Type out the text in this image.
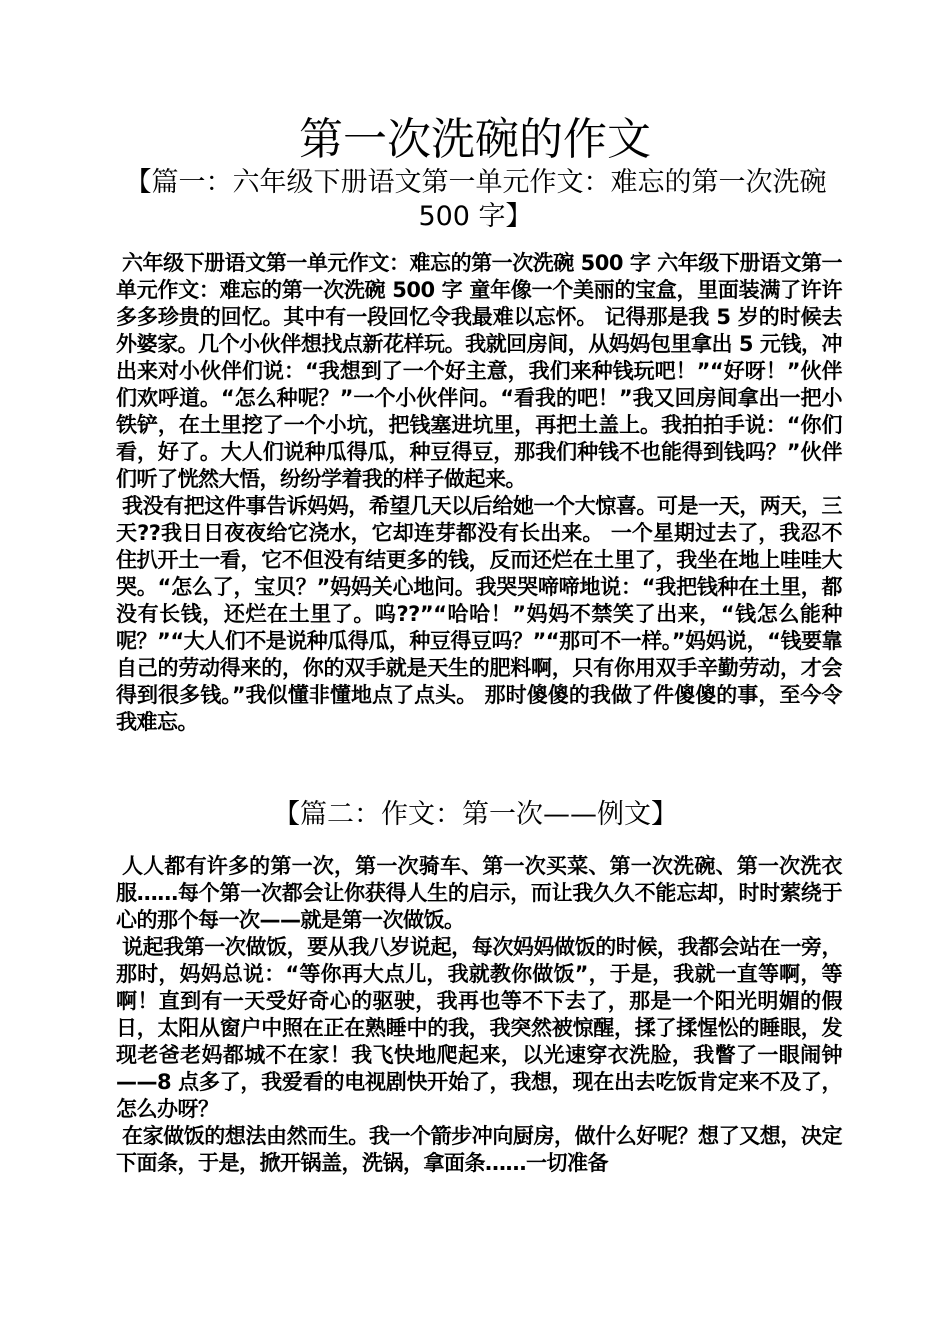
第一次洗碗的作文
【篇一：六年级下册语文第一单元作文：难忘的第一次洗碗 500 字】

六年级下册语文第一单元作文：难忘的第一次洗碗 500 字 六年级下册语文第一单元作文：难忘的第一次洗碗 500 字 童年像一个美丽的宝盒，里面装满了许许多多珍贵的回忆。其中有一段回忆令我最难以忘怀。 记得那是我 5 岁的时候去外婆家。几个小伙伴想找点新花样玩。我就回房间，从妈妈包里拿出 5 元钱，冲出来对小伙伴们说：“我想到了一个好主意，我们来种钱玩吧！”“好呀！”伙伴们欢呼道。“怎么种呢？”一个小伙伴问。“看我的吧！”我又回房间拿出一把小铁铲，在土里挖了一个小坑，把钱塞进坑里，再把土盖上。我拍拍手说：“你们看，好了。大人们说种瓜得瓜，种豆得豆，那我们种钱不也能得到钱吗？”伙伴们听了恍然大悟，纷纷学着我的样子做起来。

我没有把这件事告诉妈妈，希望几天以后给她一个大惊喜。可是一天，两天，三天??我日日夜夜给它浇水，它却连芽都没有长出来。 一个星期过去了，我忍不住扒开土一看，它不但没有结更多的钱，反而还烂在土里了，我坐在地上哇哇大哭。“怎么了，宝贝？”妈妈关心地问。我哭哭啼啼地说：“我把钱种在土里，都没有长钱，还烂在土里了。呜??”“哈哈！”妈妈不禁笑了出来，“钱怎么能种呢？”“大人们不是说种瓜得瓜，种豆得豆吗？”“那可不一样。”妈妈说，“钱要靠自己的劳动得来的，你的双手就是天生的肥料啊，只有你用双手辛勤劳动，才会得到很多钱。”我似懂非懂地点了点头。 那时傻傻的我做了件傻傻的事，至今令我难忘。

【篇二：作文：第一次——例文】

人人都有许多的第一次，第一次骑车、第一次买菜、第一次洗碗、第一次洗衣服……每个第一次都会让你获得人生的启示，而让我久久不能忘却，时时萦绕于心的那个每一次——就是第一次做饭。

说起我第一次做饭，要从我八岁说起，每次妈妈做饭的时候，我都会站在一旁，那时，妈妈总说：“等你再大点儿，我就教你做饭”，于是，我就一直等啊，等啊！直到有一天受好奇心的驱驶，我再也等不下去了，那是一个阳光明媚的假日，太阳从窗户中照在正在熟睡中的我，我突然被惊醒，揉了揉惺忪的睡眼，发现老爸老妈都城不在家！我飞快地爬起来，以光速穿衣洗脸，我瞥了一眼闹钟——8 点多了，我爱看的电视剧快开始了，我想，现在出去吃饭肯定来不及了，怎么办呀？

在家做饭的想法由然而生。我一个箭步冲向厨房，做什么好呢？想了又想，决定下面条，于是，掀开锅盖，洗锅，拿面条……一切准备
